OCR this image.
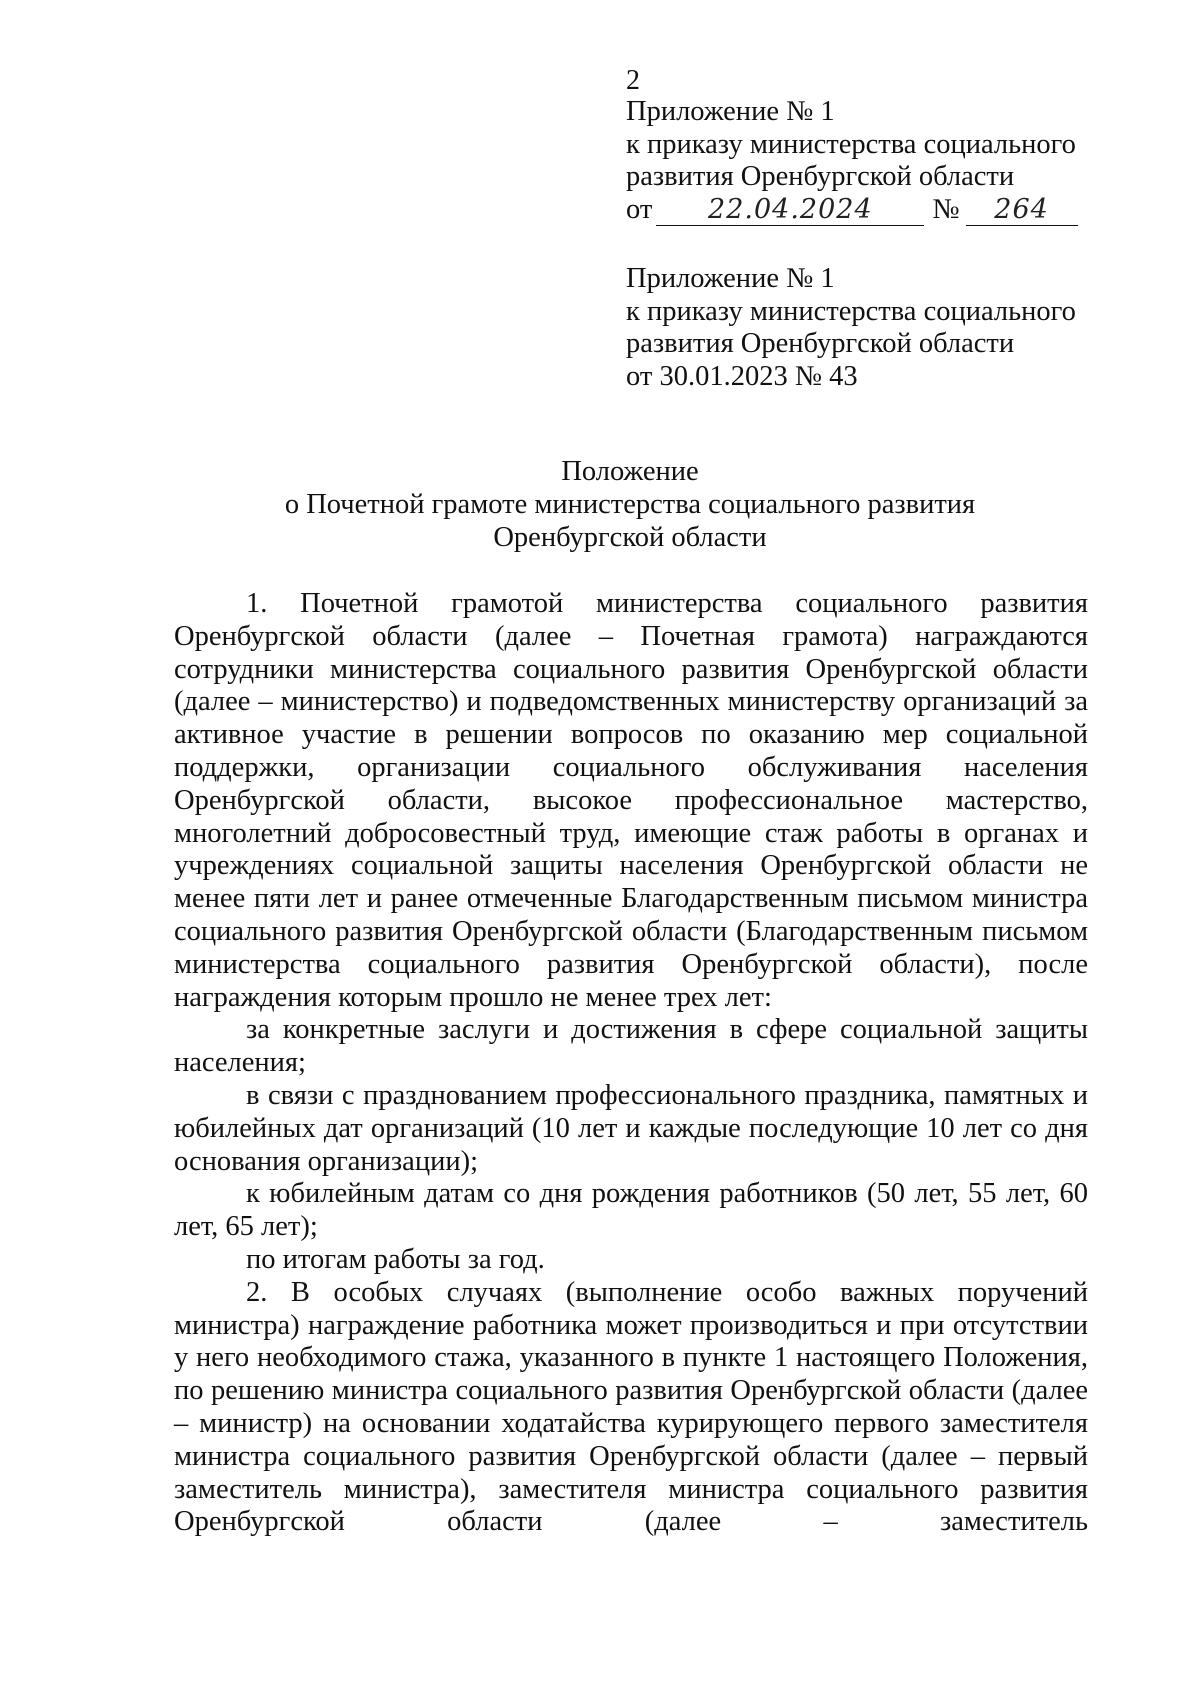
2
Приложение № 1
к приказу министерства социального
развития Оренбургской области
от	22.04.2024	№	264
Приложение № 1
к приказу министерства социального
развития Оренбургской области
от 30.01.2023 № 43
Положение
о Почетной грамоте министерства социального развития
Оренбургской области

1. Почетной грамотой министерства социального развития Оренбургской области (далее – Почетная грамота) награждаются сотрудники министерства социального развития Оренбургской области (далее – министерство) и подведомственных министерству организаций за активное участие в решении вопросов по оказанию мер социальной поддержки, организации социального обслуживания населения Оренбургской области, высокое профессиональное мастерство, многолетний добросовестный труд, имеющие стаж работы в органах и учреждениях социальной защиты населения Оренбургской области не менее пяти лет и ранее отмеченные Благодарственным письмом министра социального развития Оренбургской области (Благодарственным письмом министерства социального развития Оренбургской области), после награждения которым прошло не менее трех лет:

за конкретные заслуги и достижения в сфере социальной защиты населения;

в связи с празднованием профессионального праздника, памятных и юбилейных дат организаций (10 лет и каждые последующие 10 лет со дня основания организации);

к юбилейным датам со дня рождения работников (50 лет, 55 лет, 60 лет, 65 лет);

по итогам работы за год.

2. В особых случаях (выполнение особо важных поручений министра) награждение работника может производиться и при отсутствии у него необходимого стажа, указанного в пункте 1 настоящего Положения, по решению министра социального развития Оренбургской области (далее – министр) на основании ходатайства курирующего первого заместителя министра социального развития Оренбургской области (далее – первый заместитель министра), заместителя министра социального развития Оренбургской области (далее – заместитель
